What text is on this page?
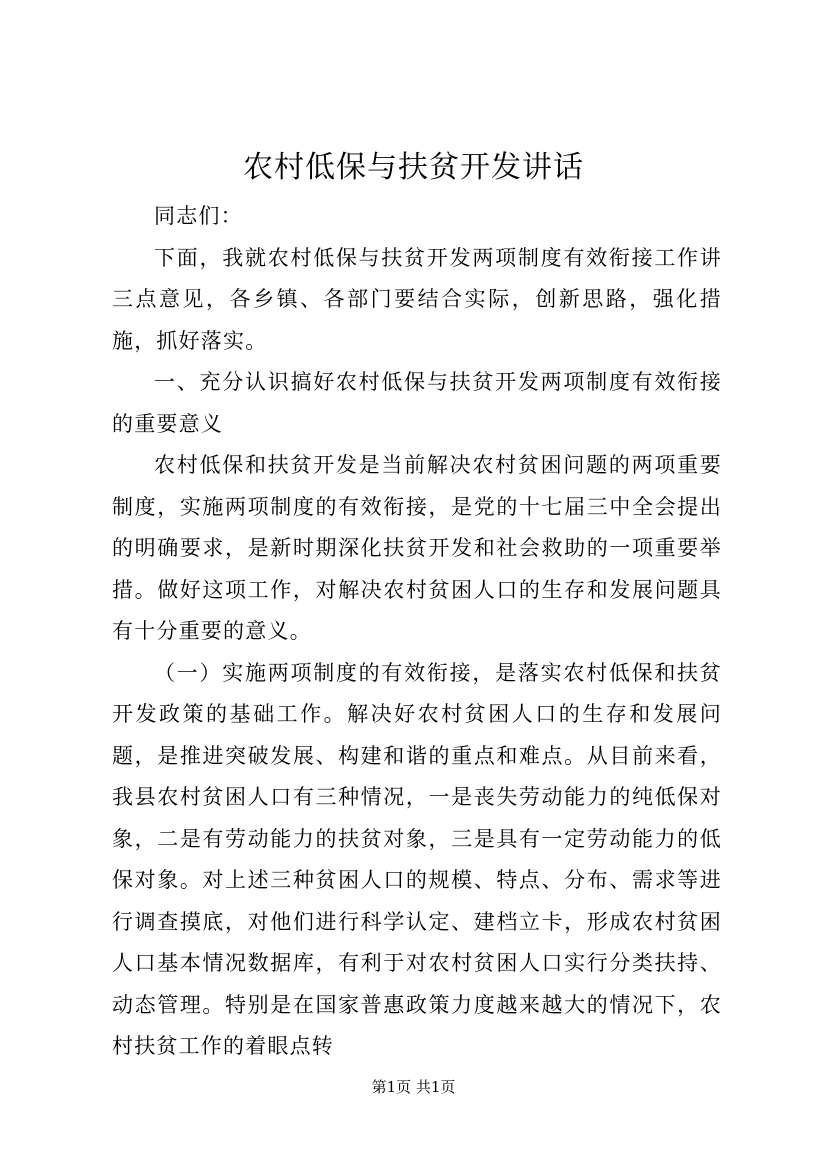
农村低保与扶贫开发讲话

同志们：

下面，我就农村低保与扶贫开发两项制度有效衔接工作讲三点意见，各乡镇、各部门要结合实际，创新思路，强化措施，抓好落实。

一、充分认识搞好农村低保与扶贫开发两项制度有效衔接的重要意义

农村低保和扶贫开发是当前解决农村贫困问题的两项重要制度，实施两项制度的有效衔接，是党的十七届三中全会提出的明确要求，是新时期深化扶贫开发和社会救助的一项重要举措。做好这项工作，对解决农村贫困人口的生存和发展问题具有十分重要的意义。

（一）实施两项制度的有效衔接，是落实农村低保和扶贫开发政策的基础工作。解决好农村贫困人口的生存和发展问题，是推进突破发展、构建和谐的重点和难点。从目前来看，我县农村贫困人口有三种情况，一是丧失劳动能力的纯低保对象，二是有劳动能力的扶贫对象，三是具有一定劳动能力的低保对象。对上述三种贫困人口的规模、特点、分布、需求等进行调查摸底，对他们进行科学认定、建档立卡，形成农村贫困人口基本情况数据库，有利于对农村贫困人口实行分类扶持、动态管理。特别是在国家普惠政策力度越来越大的情况下，农村扶贫工作的着眼点转

第1页 共1页
